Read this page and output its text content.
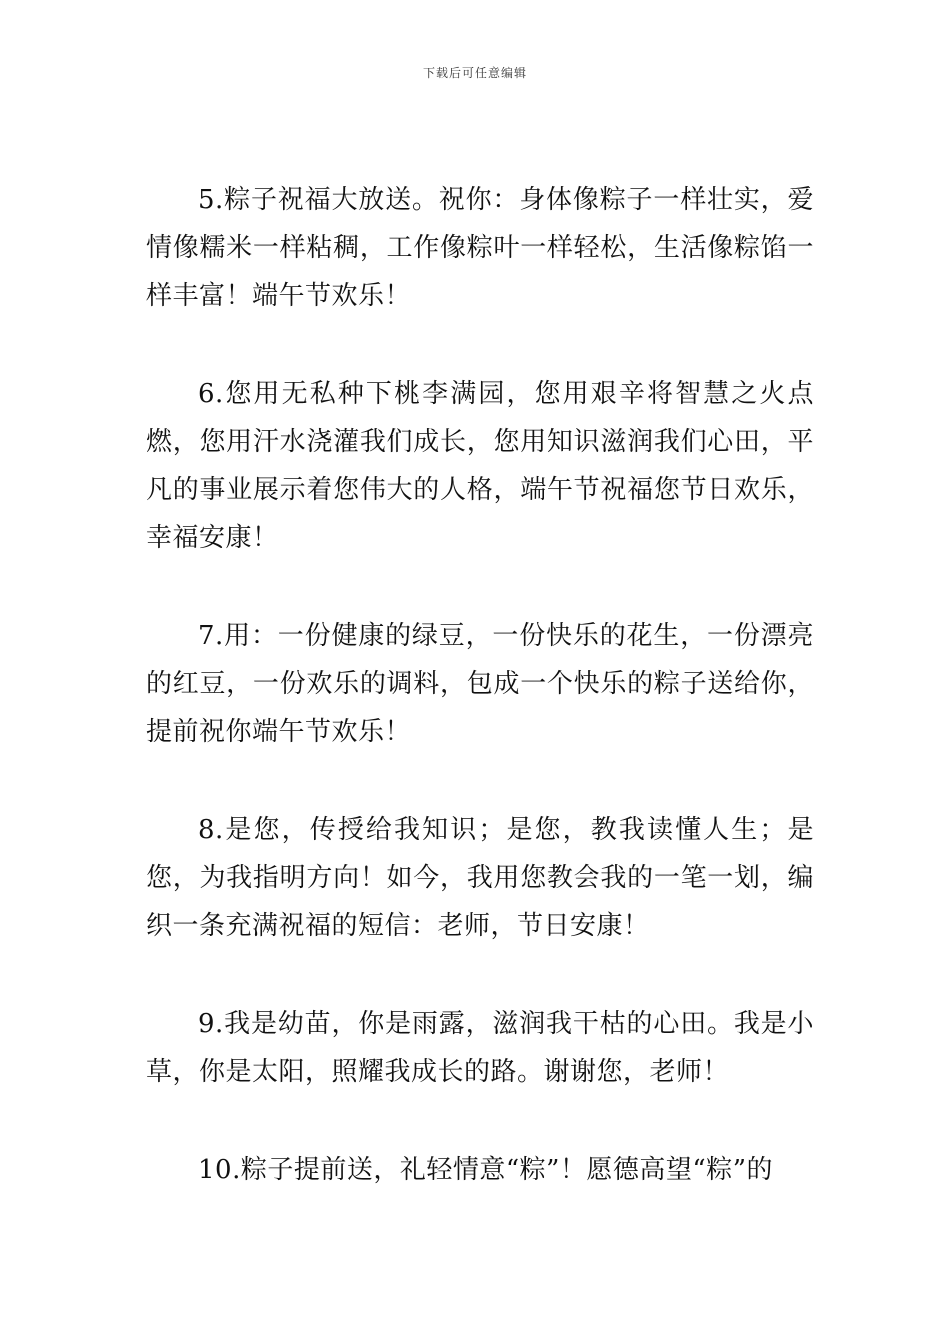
下载后可任意编辑

5.粽子祝福大放送。祝你：身体像粽子一样壮实，爱情像糯米一样粘稠，工作像粽叶一样轻松，生活像粽馅一样丰富！端午节欢乐！

6.您用无私种下桃李满园，您用艰辛将智慧之火点燃，您用汗水浇灌我们成长，您用知识滋润我们心田，平凡的事业展示着您伟大的人格，端午节祝福您节日欢乐，幸福安康！

7.用：一份健康的绿豆，一份快乐的花生，一份漂亮的红豆，一份欢乐的调料，包成一个快乐的粽子送给你，提前祝你端午节欢乐！

8.是您，传授给我知识；是您，教我读懂人生；是您，为我指明方向！如今，我用您教会我的一笔一划，编织一条充满祝福的短信：老师，节日安康！

9.我是幼苗，你是雨露，滋润我干枯的心田。我是小草，你是太阳，照耀我成长的路。谢谢您，老师！

10.粽子提前送，礼轻情意“粽”！愿德高望“粽”的
